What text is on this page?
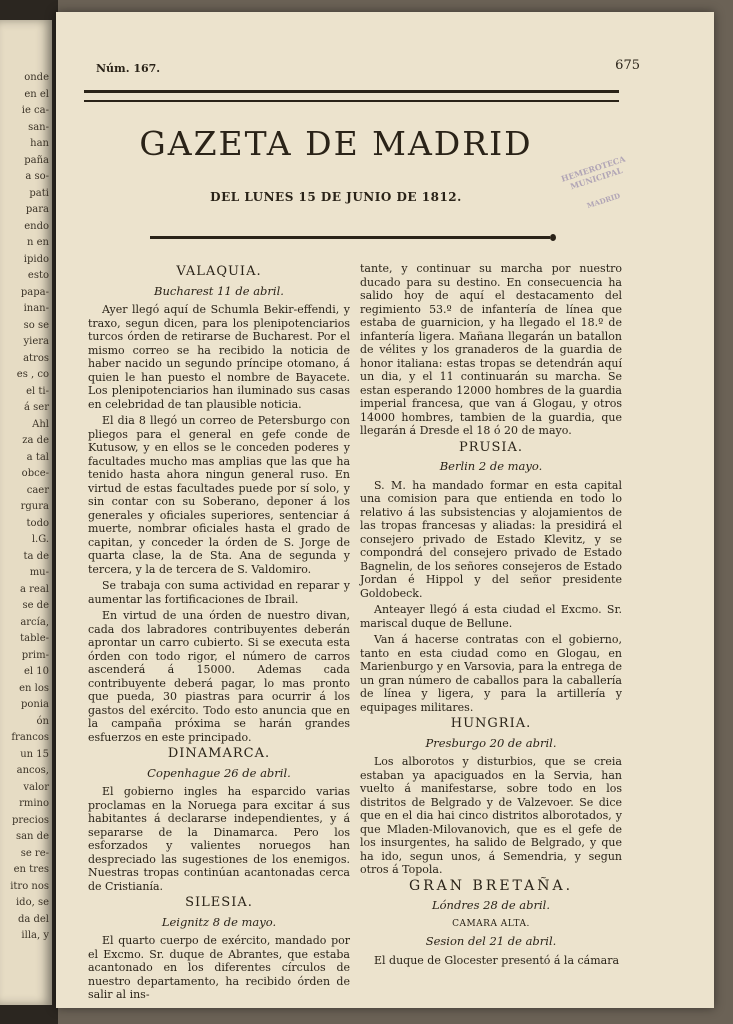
onde
en el
ie ca-
san-
han
paña
a so-
pati
para
endo
n en
ipido
esto
papa-
inan-
so se
yiera
atros
es , co
el ti-
á ser
Ahl
za de
a tal
obce-
caer
rgura
todo
l.G.
ta de
mu-
a real
se de
arcía,
table-
prim-
el 10
en los
ponia
ón
francos
un 15
ancos,
valor
rmino
precios
san de
se re-
en tres
itro nos
ido, se
da del
illa, y
Núm. 167.	675
GAZETA DE MADRID
DEL LUNES 15 DE JUNIO DE 1812.
HEMEROTECA MUNICIPAL
MADRID
VALAQUIA.
Bucharest 11 de abril.

Ayer llegó aquí de Schumla Bekir-effendi, y traxo, segun dicen, para los plenipotenciarios turcos órden de retirarse de Bucharest. Por el mismo correo se ha recibido la noticia de haber nacido un segundo príncipe otomano, á quien le han puesto el nombre de Bayacete. Los plenipotenciarios han iluminado sus casas en celebridad de tan plausible noticia.

El dia 8 llegó un correo de Petersburgo con pliegos para el general en gefe conde de Kutusow, y en ellos se le conceden poderes y facultades mucho mas amplias que las que ha tenido hasta ahora ningun general ruso. En virtud de estas facultades puede por sí solo, y sin contar con su Soberano, deponer á los generales y oficiales superiores, sentenciar á muerte, nombrar oficiales hasta el grado de capitan, y conceder la órden de S. Jorge de quarta clase, la de Sta. Ana de segunda y tercera, y la de tercera de S. Valdomiro.

Se trabaja con suma actividad en reparar y aumentar las fortificaciones de Ibrail.

En virtud de una órden de nuestro divan, cada dos labradores contribuyentes deberán aprontar un carro cubierto. Si se executa esta órden con todo rigor, el número de carros ascenderá á 15000. Ademas cada contribuyente deberá pagar, lo mas pronto que pueda, 30 piastras para ocurrir á los gastos del exército. Todo esto anuncia que en la campaña próxima se harán grandes esfuerzos en este principado.

DINAMARCA.
Copenhague 26 de abril.

El gobierno ingles ha esparcido varias proclamas en la Noruega para excitar á sus habitantes á declararse independientes, y á separarse de la Dinamarca. Pero los esforzados y valientes noruegos han despreciado las sugestiones de los enemigos. Nuestras tropas continúan acantonadas cerca de Cristianía.

SILESIA.
Leignitz 8 de mayo.

El quarto cuerpo de exército, mandado por el Excmo. Sr. duque de Abrantes, que estaba acantonado en los diferentes círculos de nuestro departamento, ha recibido órden de salir al ins-

tante, y continuar su marcha por nuestro ducado para su destino. En consecuencia ha salido hoy de aquí el destacamento del regimiento 53.º de infantería de línea que estaba de guarnicion, y ha llegado el 18.º de infantería ligera. Mañana llegarán un batallon de vélites y los granaderos de la guardia de honor italiana: estas tropas se detendrán aquí un dia, y el 11 continuarán su marcha. Se estan esperando 12000 hombres de la guardia imperial francesa, que van á Glogau, y otros 14000 hombres, tambien de la guardia, que llegarán á Dresde el 18 ó 20 de mayo.

PRUSIA.
Berlin 2 de mayo.

S. M. ha mandado formar en esta capital una comision para que entienda en todo lo relativo á las subsistencias y alojamientos de las tropas francesas y aliadas: la presidirá el consejero privado de Estado Klevitz, y se compondrá del consejero privado de Estado Bagnelin, de los señores consejeros de Estado Jordan é Hippol y del señor presidente Goldobeck.

Anteayer llegó á esta ciudad el Excmo. Sr. mariscal duque de Bellune.

Van á hacerse contratas con el gobierno, tanto en esta ciudad como en Glogau, en Marienburgo y en Varsovia, para la entrega de un gran número de caballos para la caballería de línea y ligera, y para la artillería y equipages militares.

HUNGRIA.
Presburgo 20 de abril.

Los alborotos y disturbios, que se creia estaban ya apaciguados en la Servia, han vuelto á manifestarse, sobre todo en los distritos de Belgrado y de Valzevoer. Se dice que en el dia hai cinco distritos alborotados, y que Mladen-Milovanovich, que es el gefe de los insurgentes, ha salido de Belgrado, y que ha ido, segun unos, á Semendria, y segun otros á Topola.

GRAN BRETAÑA.
Lóndres 28 de abril.
CAMARA ALTA.
Sesion del 21 de abril.

El duque de Glocester presentó á la cámara
